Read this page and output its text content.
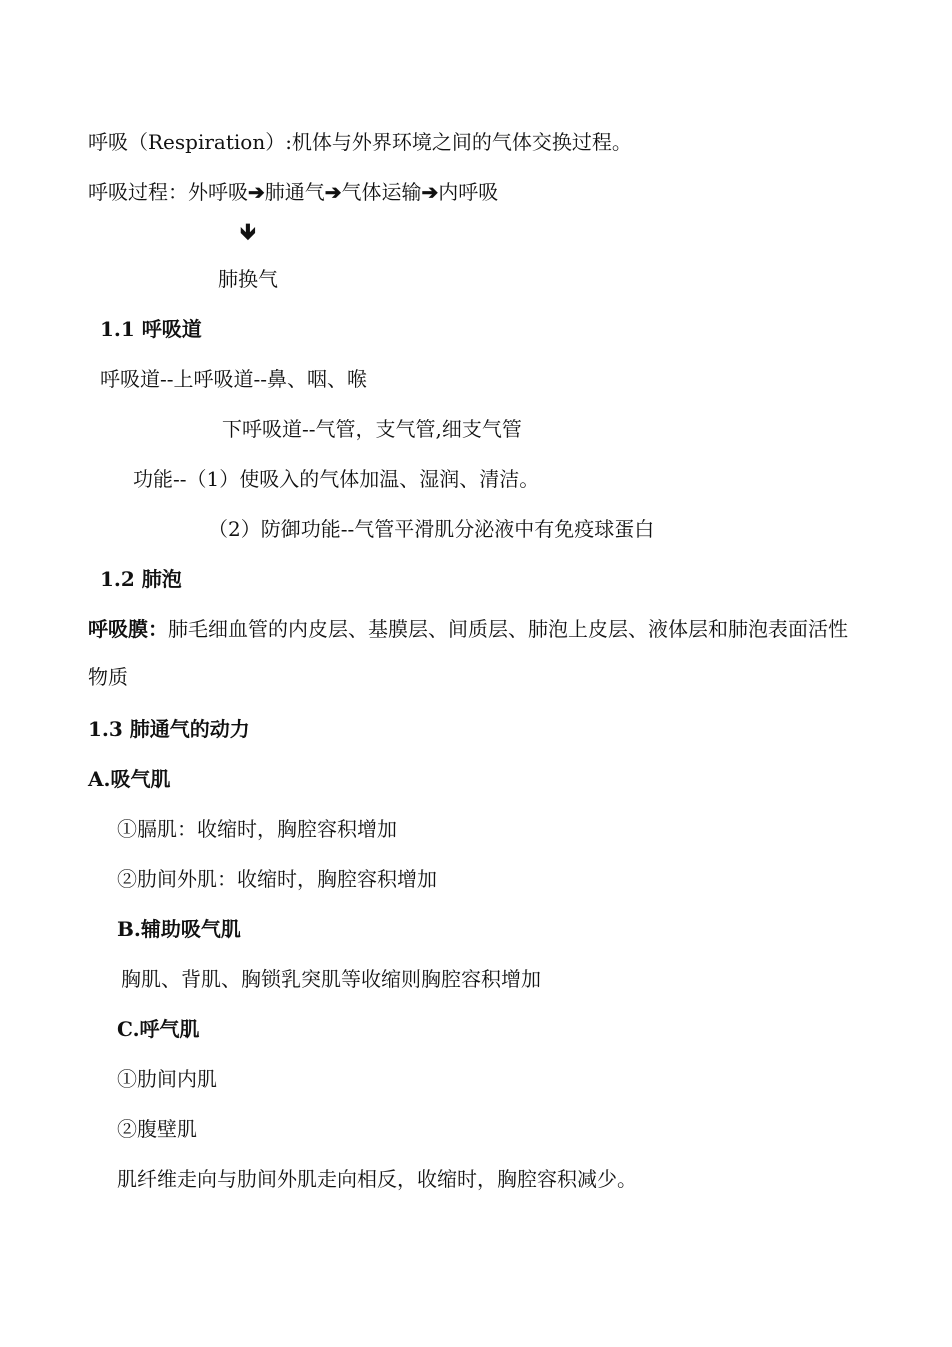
呼吸（Respiration）:机体与外界环境之间的气体交换过程。
呼吸过程：外呼吸➔肺通气➔气体运输➔内呼吸
🡻
肺换气
1.1 呼吸道
呼吸道--上呼吸道--鼻、咽、喉
下呼吸道--气管，支气管,细支气管
功能--（1）使吸入的气体加温、湿润、清洁。
（2）防御功能--气管平滑肌分泌液中有免疫球蛋白
1.2 肺泡
呼吸膜：肺毛细血管的内皮层、基膜层、间质层、肺泡上皮层、液体层和肺泡表面活性
物质
1.3 肺通气的动力
A.吸气肌
①膈肌：收缩时，胸腔容积增加
②肋间外肌：收缩时，胸腔容积增加
B.辅助吸气肌
胸肌、背肌、胸锁乳突肌等收缩则胸腔容积增加
C.呼气肌
①肋间内肌
②腹壁肌
肌纤维走向与肋间外肌走向相反，收缩时，胸腔容积减少。
